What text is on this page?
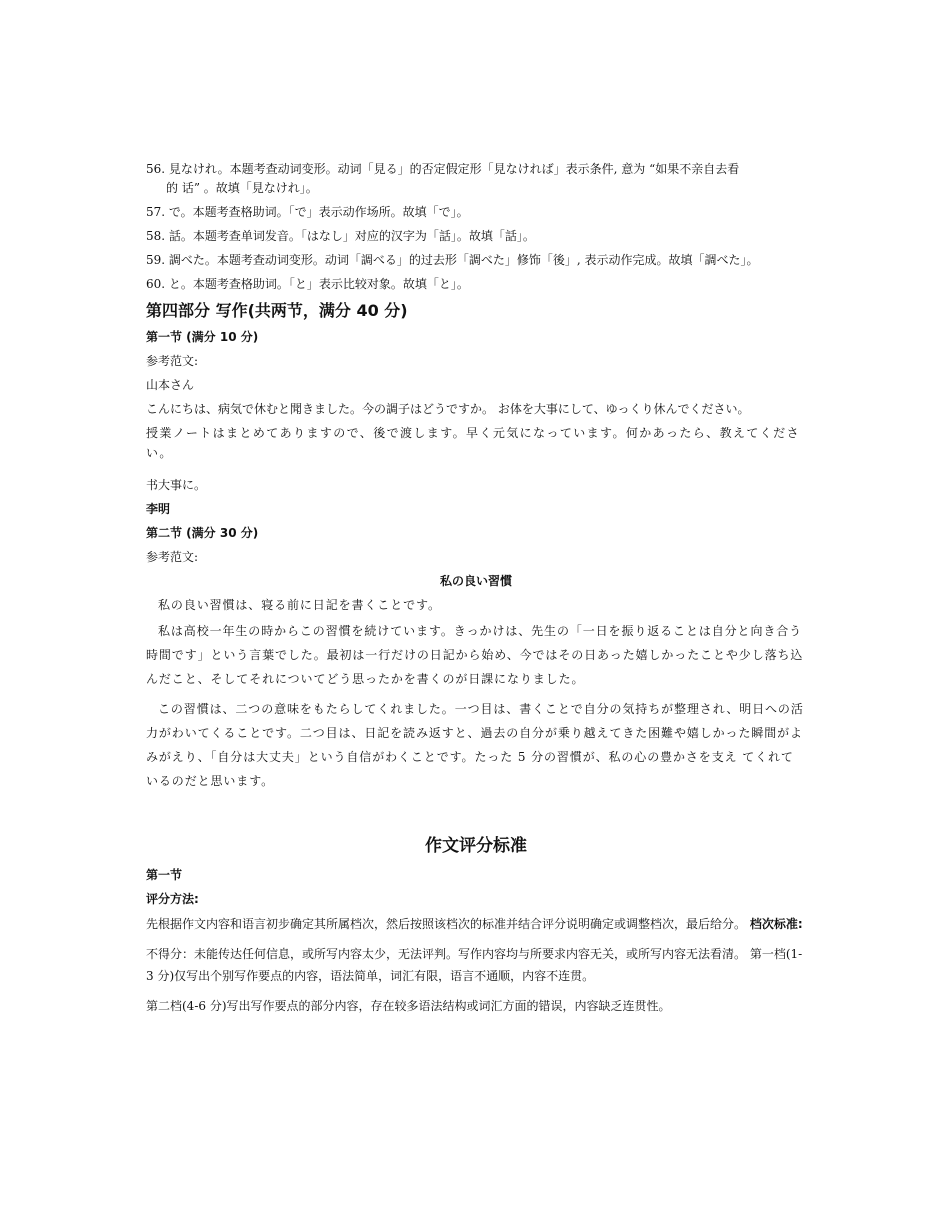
56. 見なけれ。本题考查动词变形。动词「見る」的否定假定形「見なければ」表示条件, 意为 “如果不亲自去看
的 话” 。故填「見なけれ」。
57. で。本题考查格助词。「で」表示动作场所。故填「で」。
58. 話。本题考查单词发音。「はなし」对应的汉字为「話」。故填「話」。
59. 調べた。本题考查动词变形。动词「調べる」的过去形「調べた」修饰「後」, 表示动作完成。故填「調べた」。
60. と。本题考查格助词。「と」表示比较对象。故填「と」。
第四部分 写作(共两节，满分 40 分)
第一节 (满分 10 分)
参考范文:
山本さん
こんにちは、病気で休むと聞きました。今の調子はどうですか。 お体を大事にして、ゆっくり休んでください。
授業ノートはまとめてありますので、後で渡します。早く元気になっています。何かあったら、教えてください。
书大事に。
李明
第二节 (满分 30 分)
参考范文:
私の良い習慣
私の良い習慣は、寝る前に日記を書くことです。
私は高校一年生の時からこの習慣を続けています。きっかけは、先生の「一日を振り返ることは自分と向き合う時間です」という言葉でした。最初は一行だけの日記から始め、今ではその日あった嬉しかったことや少し落ち込んだこと、そしてそれについてどう思ったかを書くのが日課になりました。
この習慣は、二つの意味をもたらしてくれました。一つ目は、書くことで自分の気持ちが整理され、明日への活力がわいてくることです。二つ目は、日記を読み返すと、過去の自分が乗り越えてきた困難や嬉しかった瞬間がよみがえり、「自分は大丈夫」という自信がわくことです。たった 5 分の習慣が、私の心の豊かさを支え てくれているのだと思います。
作文评分标准
第一节
评分方法:
先根据作文内容和语言初步确定其所属档次，然后按照该档次的标准并结合评分说明确定或调整档次，最后给分。 档次标准:
不得分：未能传达任何信息，或所写内容太少，无法评判。写作内容均与所要求内容无关，或所写内容无法看清。 第一档(1-3 分)仅写出个别写作要点的内容，语法简单，词汇有限，语言不通顺，内容不连贯。
第二档(4-6 分)写出写作要点的部分内容，存在较多语法结构或词汇方面的错误，内容缺乏连贯性。
